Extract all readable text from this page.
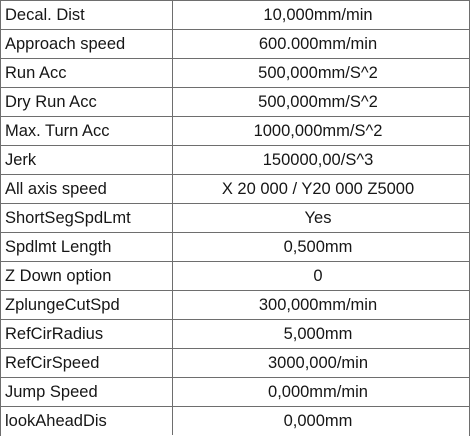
Decal. Dist	10,000mm/min
Approach speed	600.000mm/min
Run Acc	500,000mm/S^2
Dry Run Acc	500,000mm/S^2
Max. Turn Acc	1000,000mm/S^2
Jerk	150000,00/S^3
All axis speed	X 20 000 / Y20 000 Z5000
ShortSegSpdLmt	Yes
Spdlmt Length	0,500mm
Z Down option	0
ZplungeCutSpd	300,000mm/min
RefCirRadius	5,000mm
RefCirSpeed	3000,000/min
Jump Speed	0,000mm/min
lookAheadDis	0,000mm
